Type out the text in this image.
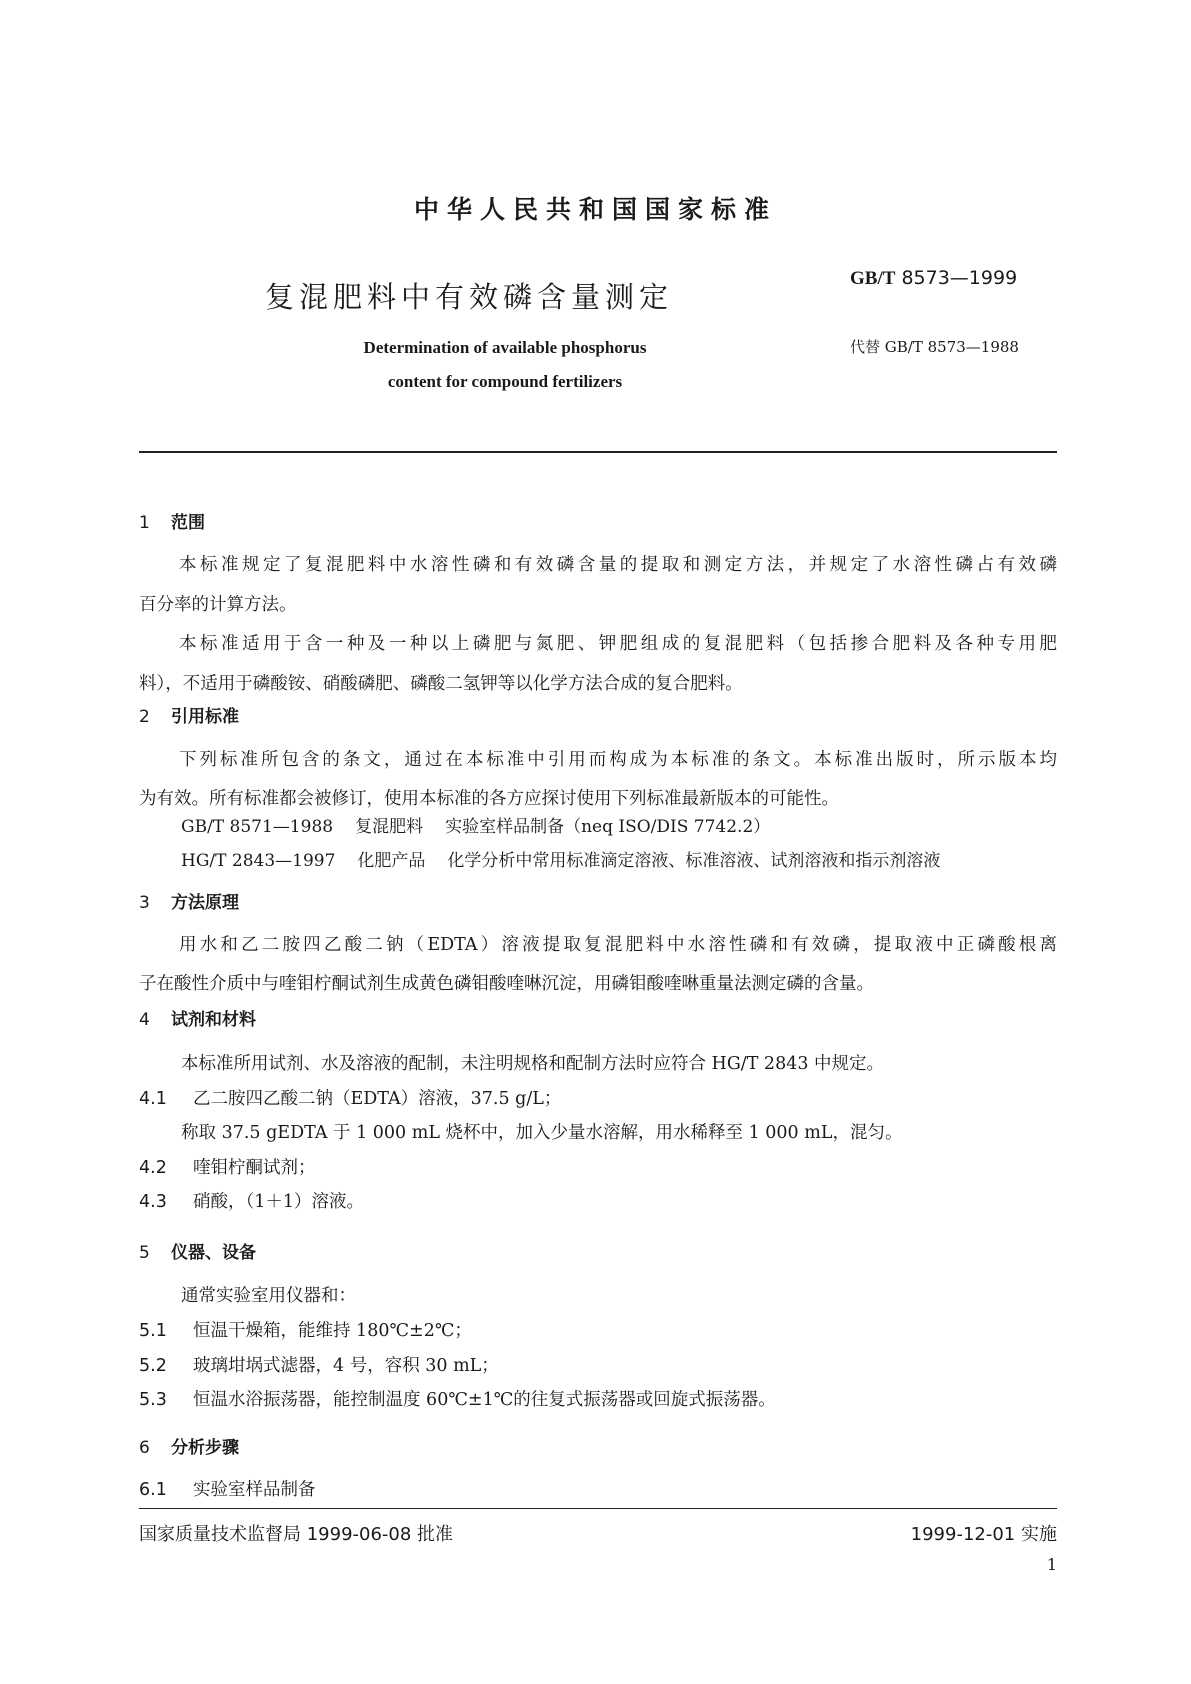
中华人民共和国国家标准
复混肥料中有效磷含量测定
GB/T 8573—1999
Determination of available phosphorus
content for compound fertilizers
代替 GB/T 8573—1988
1 范围
本标准规定了复混肥料中水溶性磷和有效磷含量的提取和测定方法，并规定了水溶性磷占有效磷
百分率的计算方法。
本标准适用于含一种及一种以上磷肥与氮肥、钾肥组成的复混肥料（包括掺合肥料及各种专用肥
料），不适用于磷酸铵、硝酸磷肥、磷酸二氢钾等以化学方法合成的复合肥料。
2 引用标准
下列标准所包含的条文，通过在本标准中引用而构成为本标准的条文。本标准出版时，所示版本均
为有效。所有标准都会被修订，使用本标准的各方应探讨使用下列标准最新版本的可能性。
GB/T 8571—1988 复混肥料 实验室样品制备（neq ISO/DIS 7742.2）
HG/T 2843—1997 化肥产品 化学分析中常用标准滴定溶液、标准溶液、试剂溶液和指示剂溶液
3 方法原理
用水和乙二胺四乙酸二钠（EDTA）溶液提取复混肥料中水溶性磷和有效磷，提取液中正磷酸根离
子在酸性介质中与喹钼柠酮试剂生成黄色磷钼酸喹啉沉淀，用磷钼酸喹啉重量法测定磷的含量。
4 试剂和材料
本标准所用试剂、水及溶液的配制，未注明规格和配制方法时应符合 HG/T 2843 中规定。
4.1 乙二胺四乙酸二钠（EDTA）溶液，37.5 g/L；
称取 37.5 gEDTA 于 1 000 mL 烧杯中，加入少量水溶解，用水稀释至 1 000 mL，混匀。
4.2 喹钼柠酮试剂；
4.3 硝酸，（1＋1）溶液。
5 仪器、设备
通常实验室用仪器和：
5.1 恒温干燥箱，能维持 180℃±2℃；
5.2 玻璃坩埚式滤器，4 号，容积 30 mL；
5.3 恒温水浴振荡器，能控制温度 60℃±1℃的往复式振荡器或回旋式振荡器。
6 分析步骤
6.1 实验室样品制备
国家质量技术监督局 1999-06-08 批准	1999-12-01 实施
1
